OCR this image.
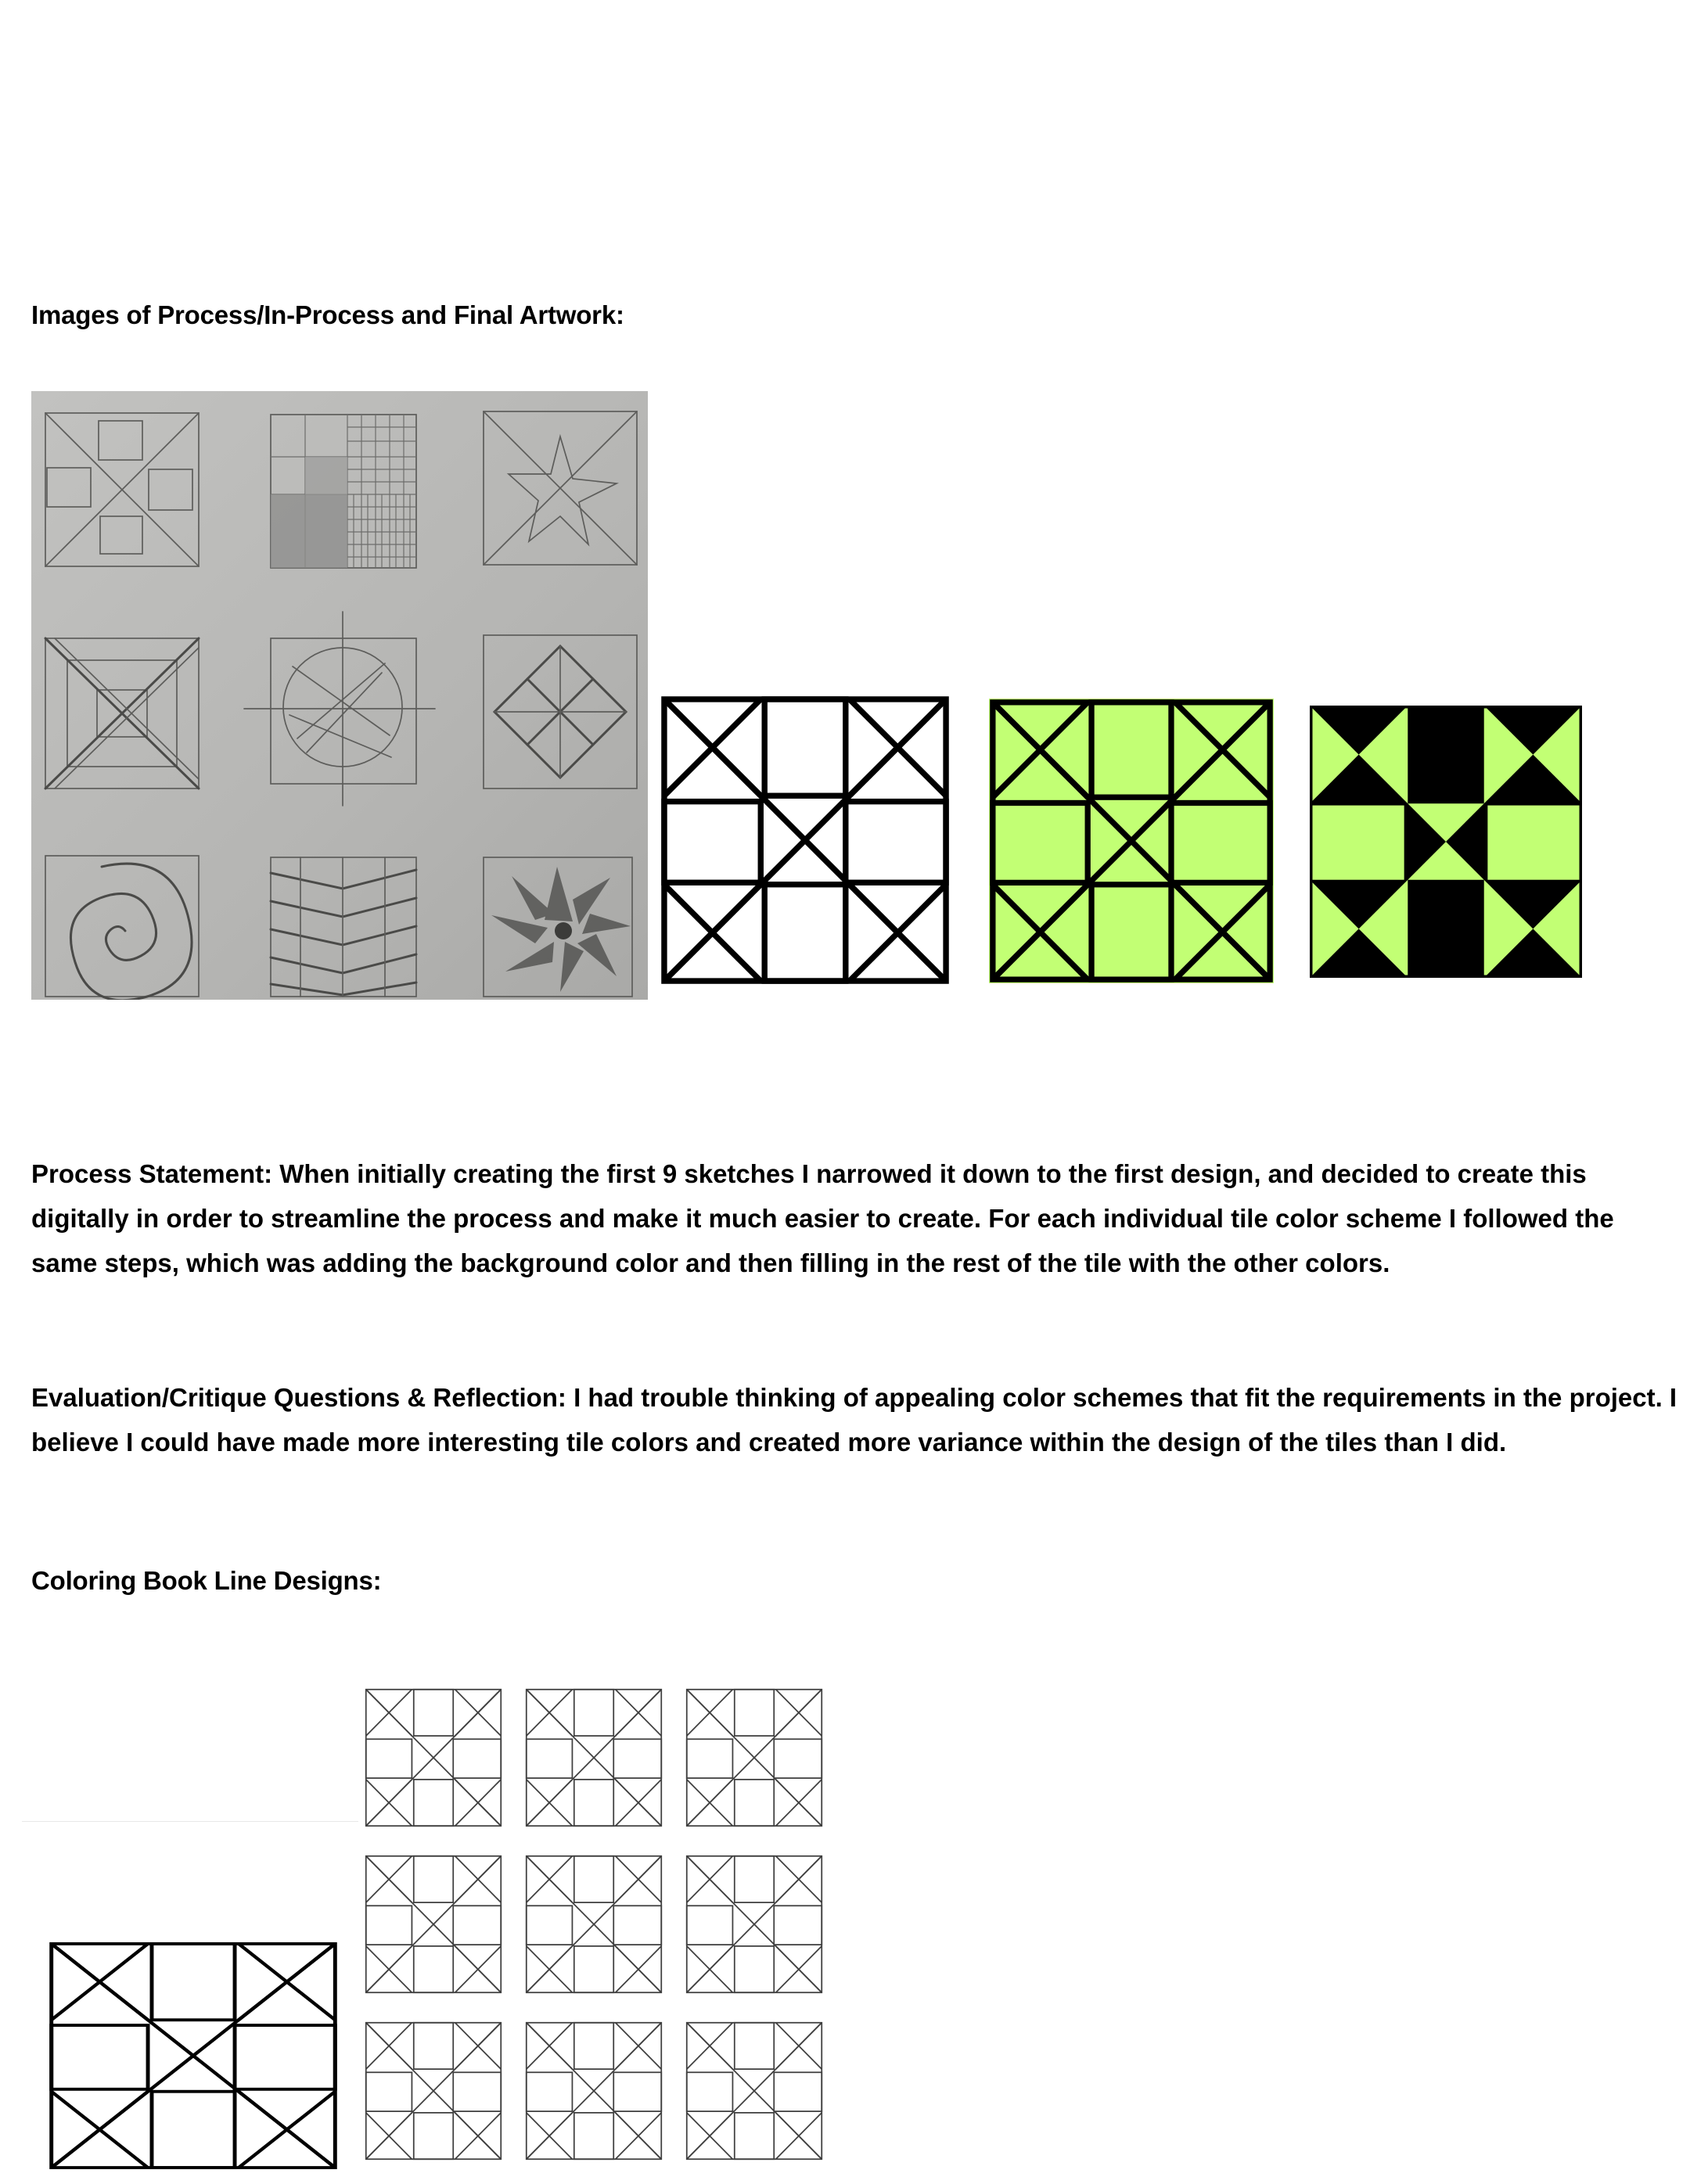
Images of Process/In-Process and Final Artwork:
Process Statement: When initially creating the first 9 sketches I narrowed it down to the first design, and decided to create this digitally in order to streamline the process and make it much easier to create. For each individual tile color scheme I followed the same steps, which was adding the background color and then filling in the rest of the tile with the other colors.
Evaluation/Critique Questions & Reflection: I had trouble thinking of appealing color schemes that fit the requirements in the project. I believe I could have made more interesting tile colors and created more variance within the design of the tiles than I did.
Coloring Book Line Designs:
